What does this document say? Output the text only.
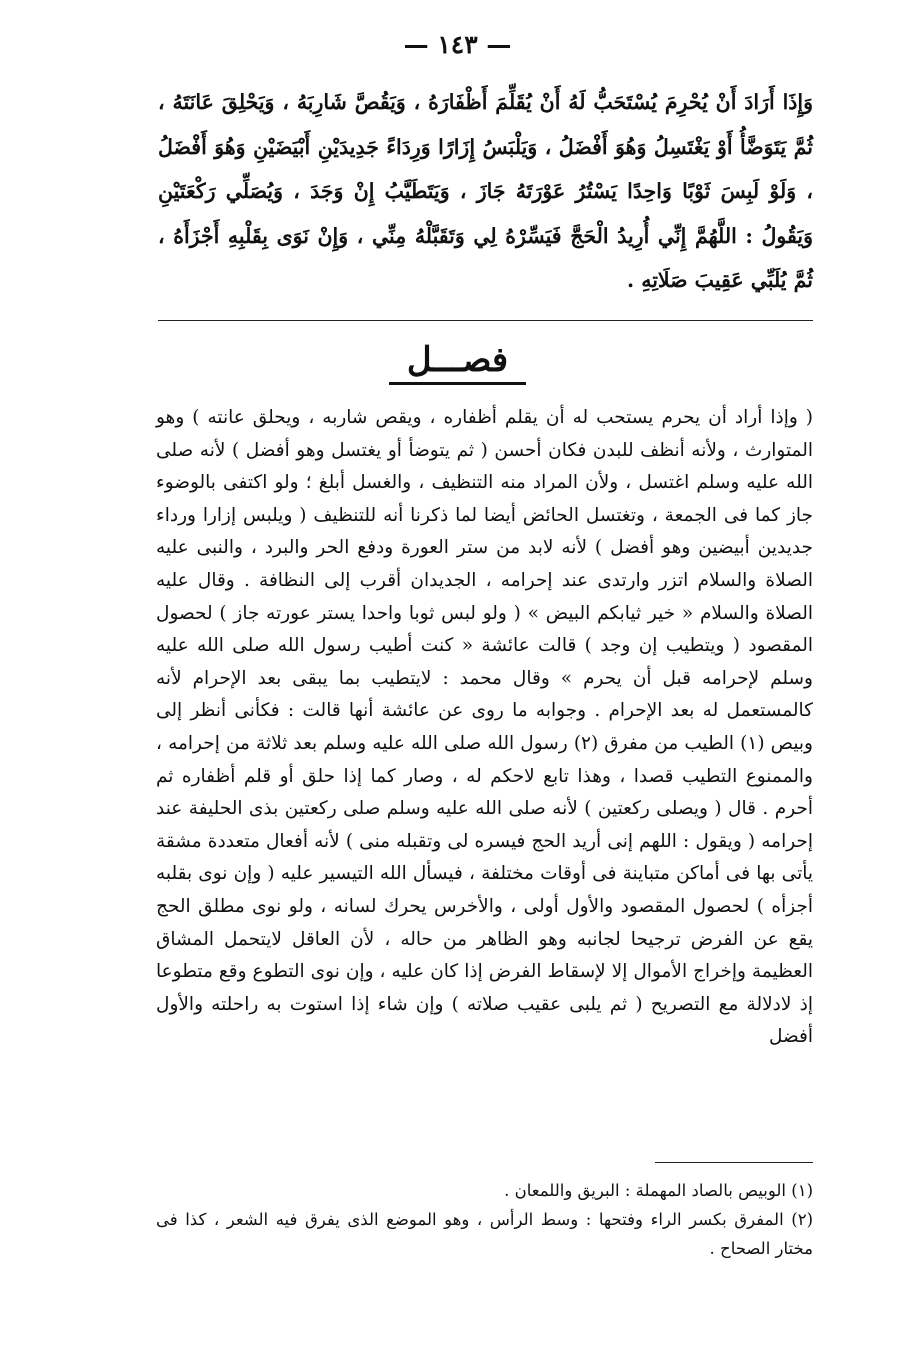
— ١٤٣ —
وَإِذَا أَرَادَ أَنْ يُحْرِمَ يُسْتَحَبُّ لَهُ أَنْ يُقَلِّمَ أَظْفَارَهُ ، وَيَقُصَّ شَارِبَهُ ، وَيَحْلِقَ عَانَتَهُ ، ثُمَّ يَتَوَضَّأُ أَوْ يَغْتَسِلُ وَهُوَ أَفْضَلُ ، وَيَلْبَسُ إِزَارًا وَرِدَاءً جَدِيدَيْنِ أَبْيَضَيْنِ وَهُوَ أَفْضَلُ ، وَلَوْ لَبِسَ ثَوْبًا وَاحِدًا يَسْتُرُ عَوْرَتَهُ جَازَ ، وَيَتَطَيَّبُ إِنْ وَجَدَ ، وَيُصَلِّي رَكْعَتَيْنِ وَيَقُولُ : اللَّهُمَّ إِنِّي أُرِيدُ الْحَجَّ فَيَسِّرْهُ لِي وَتَقَبَّلْهُ مِنِّي ، وَإِنْ نَوَى بِقَلْبِهِ أَجْزَأَهُ ، ثُمَّ يُلَبِّي عَقِيبَ صَلَاتِهِ .
فصـــل
( وإذا أراد أن يحرم يستحب له أن يقلم أظفاره ، ويقص شاربه ، ويحلق عانته ) وهو المتوارث ، ولأنه أنظف للبدن فكان أحسن ( ثم يتوضأ أو يغتسل وهو أفضل ) لأنه صلى الله عليه وسلم اغتسل ، ولأن المراد منه التنظيف ، والغسل أبلغ ؛ ولو اكتفى بالوضوء جاز كما فى الجمعة ، وتغتسل الحائض أيضا لما ذكرنا أنه للتنظيف ( ويلبس إزارا ورداء جديدين أبيضين وهو أفضل ) لأنه لابد من ستر العورة ودفع الحر والبرد ، والنبى عليه الصلاة والسلام اتزر وارتدى عند إحرامه ، الجديدان أقرب إلى النظافة . وقال عليه الصلاة والسلام « خير ثيابكم البيض » ( ولو لبس ثوبا واحدا يستر عورته جاز ) لحصول المقصود ( ويتطيب إن وجد ) قالت عائشة « كنت أطيب رسول الله صلى الله عليه وسلم لإحرامه قبل أن يحرم » وقال محمد : لايتطيب بما يبقى بعد الإحرام لأنه كالمستعمل له بعد الإحرام . وجوابه ما روى عن عائشة أنها قالت : فكأنى أنظر إلى وبيص (١) الطيب من مفرق (٢) رسول الله صلى الله عليه وسلم بعد ثلاثة من إحرامه ، والممنوع التطيب قصدا ، وهذا تابع لاحكم له ، وصار كما إذا حلق أو قلم أظفاره ثم أحرم . قال ( ويصلى ركعتين ) لأنه صلى الله عليه وسلم صلى ركعتين بذى الحليفة عند إحرامه ( ويقول : اللهم إنى أريد الحج فيسره لى وتقبله منى ) لأنه أفعال متعددة مشقة يأتى بها فى أماكن متباينة فى أوقات مختلفة ، فيسأل الله التيسير عليه ( وإن نوى بقلبه أجزأه ) لحصول المقصود والأول أولى ، والأخرس يحرك لسانه ، ولو نوى مطلق الحج يقع عن الفرض ترجيحا لجانبه وهو الظاهر من حاله ، لأن العاقل لايتحمل المشاق العظيمة وإخراج الأموال إلا لإسقاط الفرض إذا كان عليه ، وإن نوى التطوع وقع متطوعا إذ لادلالة مع التصريح ( ثم يلبى عقيب صلاته ) وإن شاء إذا استوت به راحلته والأول أفضل

(١) الوبيص بالصاد المهملة : البريق واللمعان .

(٢) المفرق بكسر الراء وفتحها : وسط الرأس ، وهو الموضع الذى يفرق فيه الشعر ، كذا فى مختار الصحاح .
